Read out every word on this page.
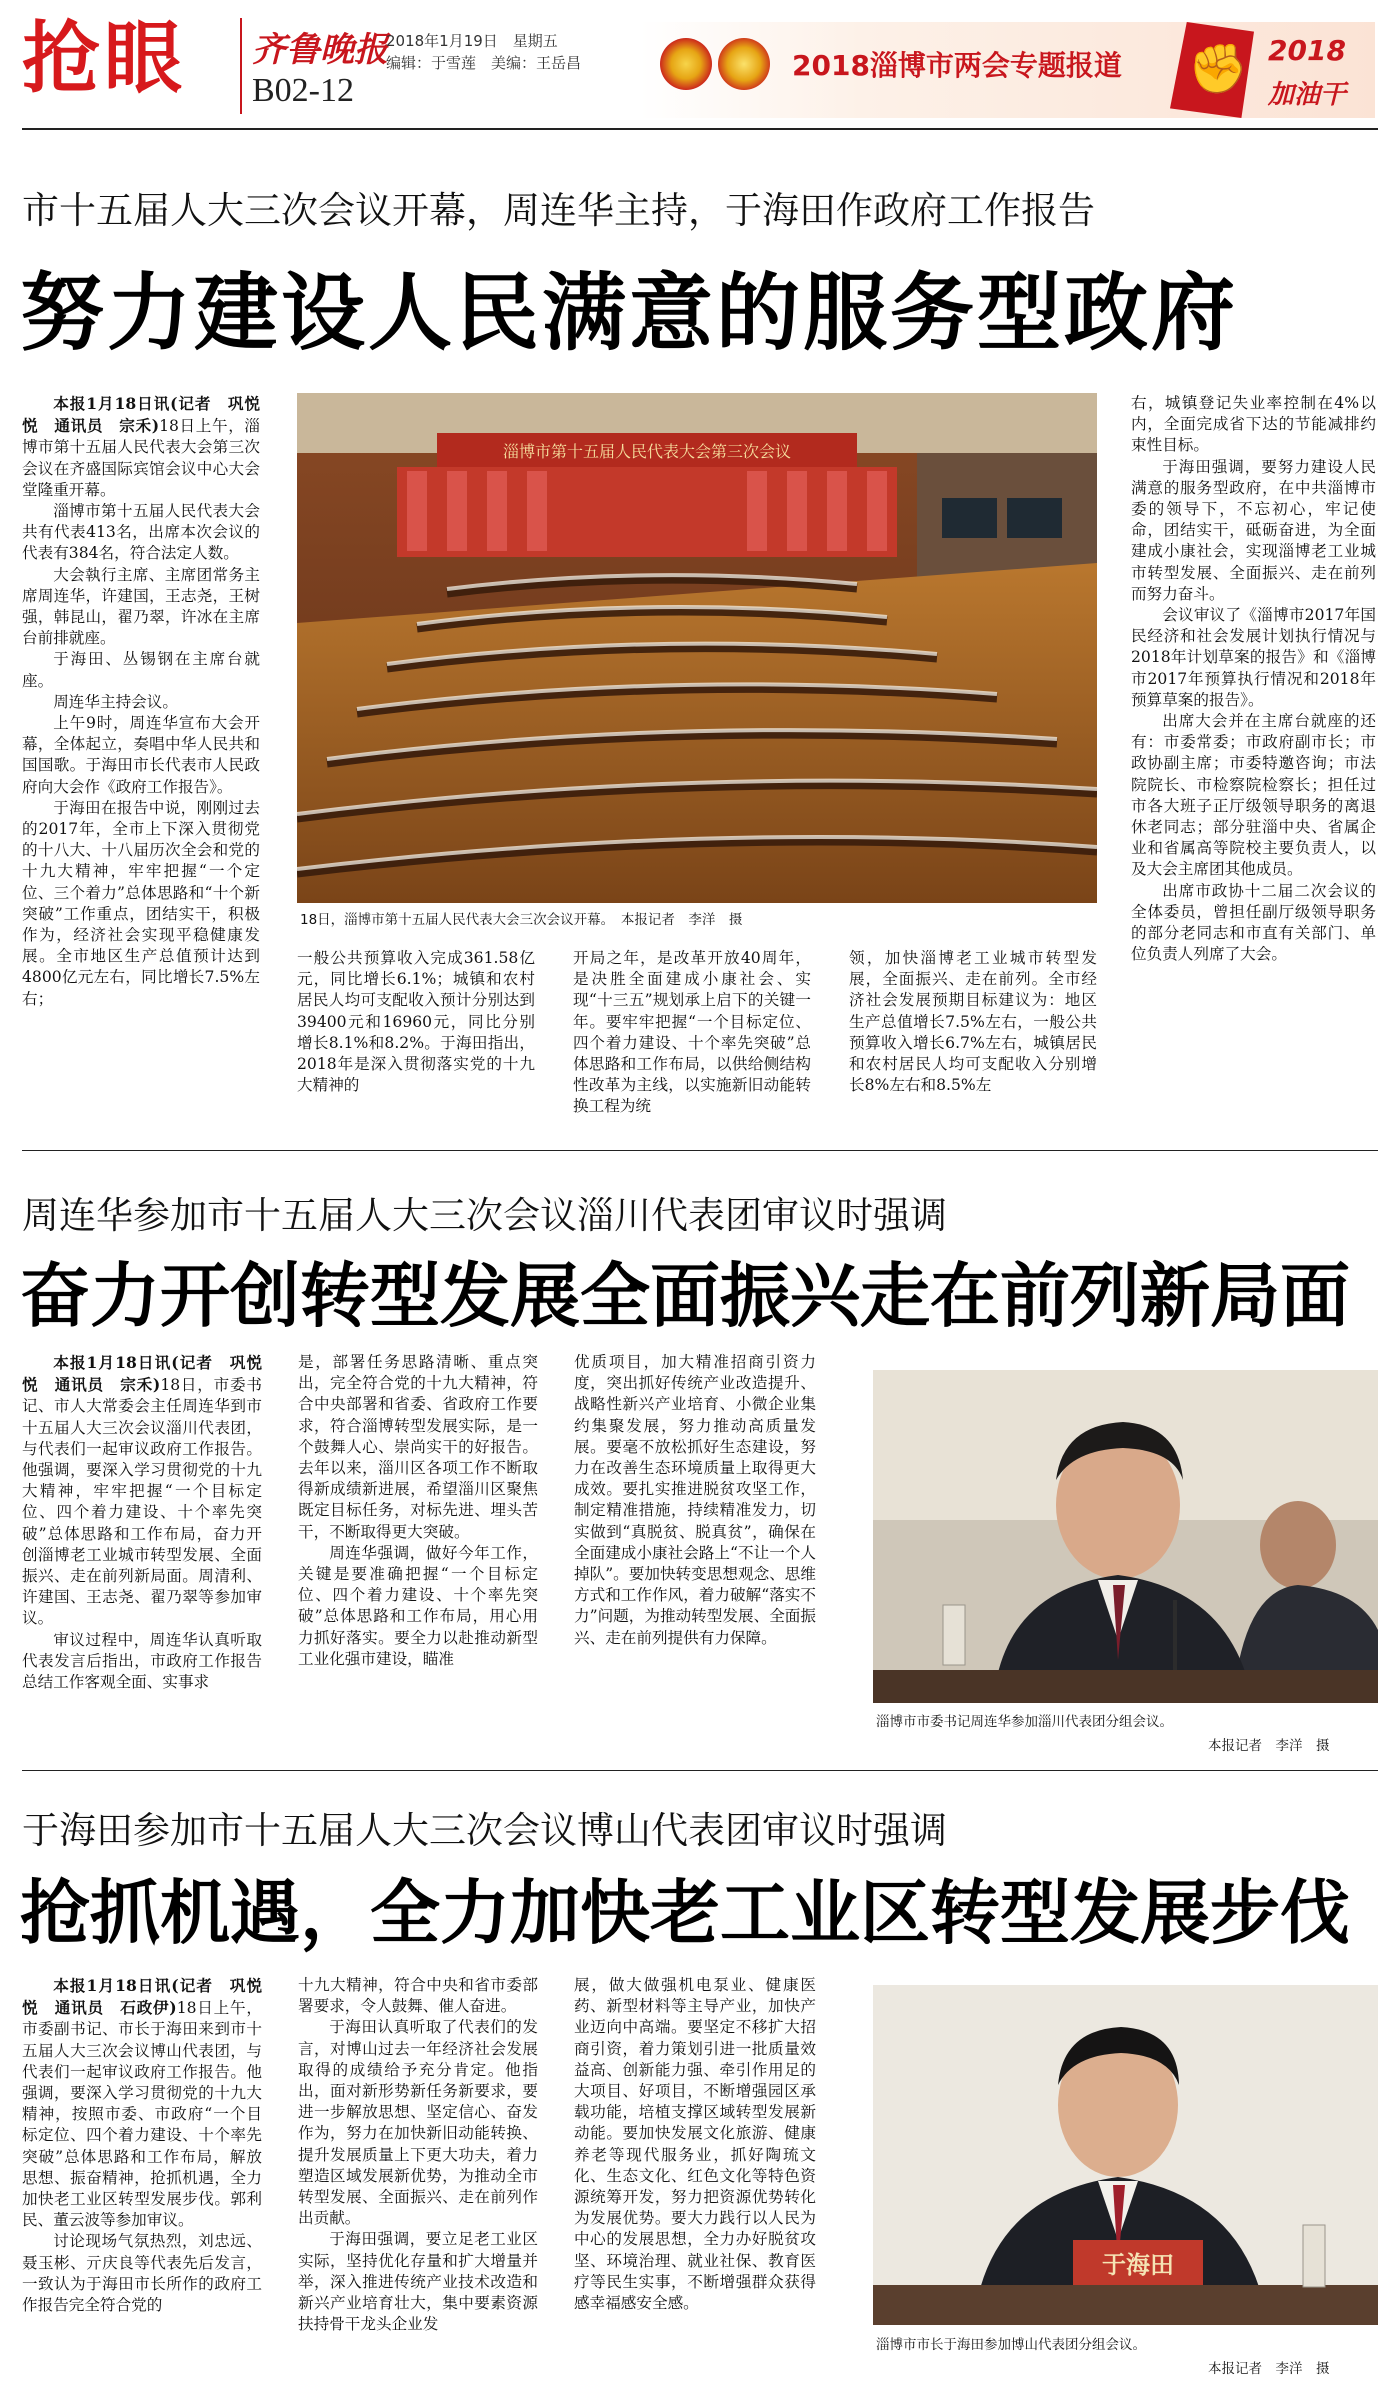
抢眼 齐鲁晚报
B02-12
2018年1月19日　星期五
编辑：于雪莲　美编：王岳昌	2018淄博市两会专题报道 ✊ 2018
加油干
市十五届人大三次会议开幕，周连华主持，于海田作政府工作报告
努力建设人民满意的服务型政府

本报1月18日讯(记者　巩悦悦　通讯员　宗禾)18日上午，淄博市第十五届人民代表大会第三次会议在齐盛国际宾馆会议中心大会堂隆重开幕。

淄博市第十五届人民代表大会共有代表413名，出席本次会议的代表有384名，符合法定人数。

大会執行主席、主席团常务主席周连华，许建国，王志尧，王树强，韩昆山，翟乃翠，许冰在主席台前排就座。

于海田、丛锡钢在主席台就座。

周连华主持会议。

上午9时，周连华宣布大会开幕，全体起立，奏唱中华人民共和国国歌。于海田市长代表市人民政府向大会作《政府工作报告》。

于海田在报告中说，刚刚过去的2017年，全市上下深入贯彻党的十八大、十八届历次全会和党的十九大精神，牢牢把握“一个定位、三个着力”总体思路和“十个新突破”工作重点，团结实干，积极作为，经济社会实现平稳健康发展。全市地区生产总值预计达到4800亿元左右，同比增长7.5%左右；

淄博市第十五届人民代表大会第三次会议
18日，淄博市第十五届人民代表大会三次会议开幕。　本报记者　李洋　摄

一般公共预算收入完成361.58亿元，同比增长6.1%；城镇和农村居民人均可支配收入预计分别达到39400元和16960元，同比分别增长8.1%和8.2%。于海田指出，2018年是深入贯彻落实党的十九大精神的

开局之年，是改革开放40周年，是决胜全面建成小康社会、实现“十三五”规划承上启下的关键一年。要牢牢把握“一个目标定位、四个着力建设、十个率先突破”总体思路和工作布局，以供给侧结构性改革为主线，以实施新旧动能转换工程为统

领，加快淄博老工业城市转型发展，全面振兴、走在前列。全市经济社会发展预期目标建议为：地区生产总值增长7.5%左右，一般公共预算收入增长6.7%左右，城镇居民和农村居民人均可支配收入分别增长8%左右和8.5%左

右，城镇登记失业率控制在4%以内，全面完成省下达的节能减排约束性目标。

于海田强调，要努力建设人民满意的服务型政府，在中共淄博市委的领导下，不忘初心，牢记使命，团结实干，砥砺奋进，为全面建成小康社会，实现淄博老工业城市转型发展、全面振兴、走在前列而努力奋斗。

会议审议了《淄博市2017年国民经济和社会发展计划执行情况与2018年计划草案的报告》和《淄博市2017年预算执行情况和2018年预算草案的报告》。

出席大会并在主席台就座的还有：市委常委；市政府副市长；市政协副主席；市委特邀咨询；市法院院长、市检察院检察长；担任过市各大班子正厅级领导职务的离退休老同志；部分驻淄中央、省属企业和省属高等院校主要负责人，以及大会主席团其他成员。

出席市政协十二届二次会议的全体委员，曾担任副厅级领导职务的部分老同志和市直有关部门、单位负责人列席了大会。

周连华参加市十五届人大三次会议淄川代表团审议时强调
奋力开创转型发展全面振兴走在前列新局面

本报1月18日讯(记者　巩悦悦　通讯员　宗禾)18日，市委书记、市人大常委会主任周连华到市十五届人大三次会议淄川代表团，与代表们一起审议政府工作报告。他强调，要深入学习贯彻党的十九大精神，牢牢把握“一个目标定位、四个着力建设、十个率先突破”总体思路和工作布局，奋力开创淄博老工业城市转型发展、全面振兴、走在前列新局面。周清利、许建国、王志尧、翟乃翠等参加审议。

审议过程中，周连华认真听取代表发言后指出，市政府工作报告总结工作客观全面、实事求

是，部署任务思路清晰、重点突出，完全符合党的十九大精神，符合中央部署和省委、省政府工作要求，符合淄博转型发展实际，是一个鼓舞人心、崇尚实干的好报告。去年以来，淄川区各项工作不断取得新成绩新进展，希望淄川区聚焦既定目标任务，对标先进、埋头苦干，不断取得更大突破。

周连华强调，做好今年工作，关键是要准确把握“一个目标定位、四个着力建设、十个率先突破”总体思路和工作布局，用心用力抓好落实。要全力以赴推动新型工业化强市建设，瞄准

优质项目，加大精准招商引资力度，突出抓好传统产业改造提升、战略性新兴产业培育、小微企业集约集聚发展，努力推动高质量发展。要毫不放松抓好生态建设，努力在改善生态环境质量上取得更大成效。要扎实推进脱贫攻坚工作，制定精准措施，持续精准发力，切实做到“真脱贫、脱真贫”，确保在全面建成小康社会路上“不让一个人掉队”。要加快转变思想观念、思维方式和工作作风，着力破解“落实不力”问题，为推动转型发展、全面振兴、走在前列提供有力保障。

淄博市市委书记周连华参加淄川代表团分组会议。
本报记者　李洋　摄
于海田参加市十五届人大三次会议博山代表团审议时强调
抢抓机遇，全力加快老工业区转型发展步伐

本报1月18日讯(记者　巩悦悦　通讯员　石政伊)18日上午，市委副书记、市长于海田来到市十五届人大三次会议博山代表团，与代表们一起审议政府工作报告。他强调，要深入学习贯彻党的十九大精神，按照市委、市政府“一个目标定位、四个着力建设、十个率先突破”总体思路和工作布局，解放思想、振奋精神，抢抓机遇，全力加快老工业区转型发展步伐。郭利民、董云波等参加审议。

讨论现场气氛热烈，刘忠远、聂玉彬、亓庆良等代表先后发言，一致认为于海田市长所作的政府工作报告完全符合党的

十九大精神，符合中央和省市委部署要求，令人鼓舞、催人奋进。

于海田认真听取了代表们的发言，对博山过去一年经济社会发展取得的成绩给予充分肯定。他指出，面对新形势新任务新要求，要进一步解放思想、坚定信心、奋发作为，努力在加快新旧动能转换、提升发展质量上下更大功夫，着力塑造区域发展新优势，为推动全市转型发展、全面振兴、走在前列作出贡献。

于海田强调，要立足老工业区实际，坚持优化存量和扩大增量并举，深入推进传统产业技术改造和新兴产业培育壮大，集中要素资源扶持骨干龙头企业发

展，做大做强机电泵业、健康医药、新型材料等主导产业，加快产业迈向中高端。要坚定不移扩大招商引资，着力策划引进一批质量效益高、创新能力强、牵引作用足的大项目、好项目，不断增强园区承载功能，培植支撑区域转型发展新动能。要加快发展文化旅游、健康养老等现代服务业，抓好陶琉文化、生态文化、红色文化等特色资源统筹开发，努力把资源优势转化为发展优势。要大力践行以人民为中心的发展思想，全力办好脱贫攻坚、环境治理、就业社保、教育医疗等民生实事，不断增强群众获得感幸福感安全感。

于海田
淄博市市长于海田参加博山代表团分组会议。
本报记者　李洋　摄
